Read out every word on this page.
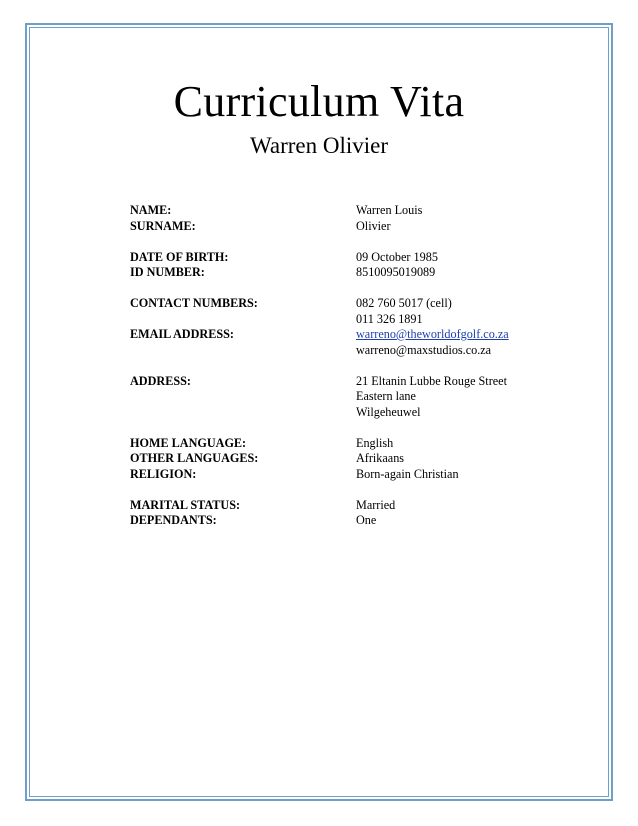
Curriculum Vita
Warren Olivier
NAME:	Warren Louis
SURNAME:	Olivier
DATE OF BIRTH:	09 October 1985
ID NUMBER:	8510095019089
CONTACT NUMBERS:	082 760 5017 (cell)
011 326 1891
EMAIL ADDRESS:	warreno@theworldofgolf.co.za
warreno@maxstudios.co.za
ADDRESS:	21 Eltanin Lubbe Rouge Street
Eastern lane
Wilgeheuwel
HOME LANGUAGE:	English
OTHER LANGUAGES:	Afrikaans
RELIGION:	Born-again Christian
MARITAL STATUS:	Married
DEPENDANTS:	One
